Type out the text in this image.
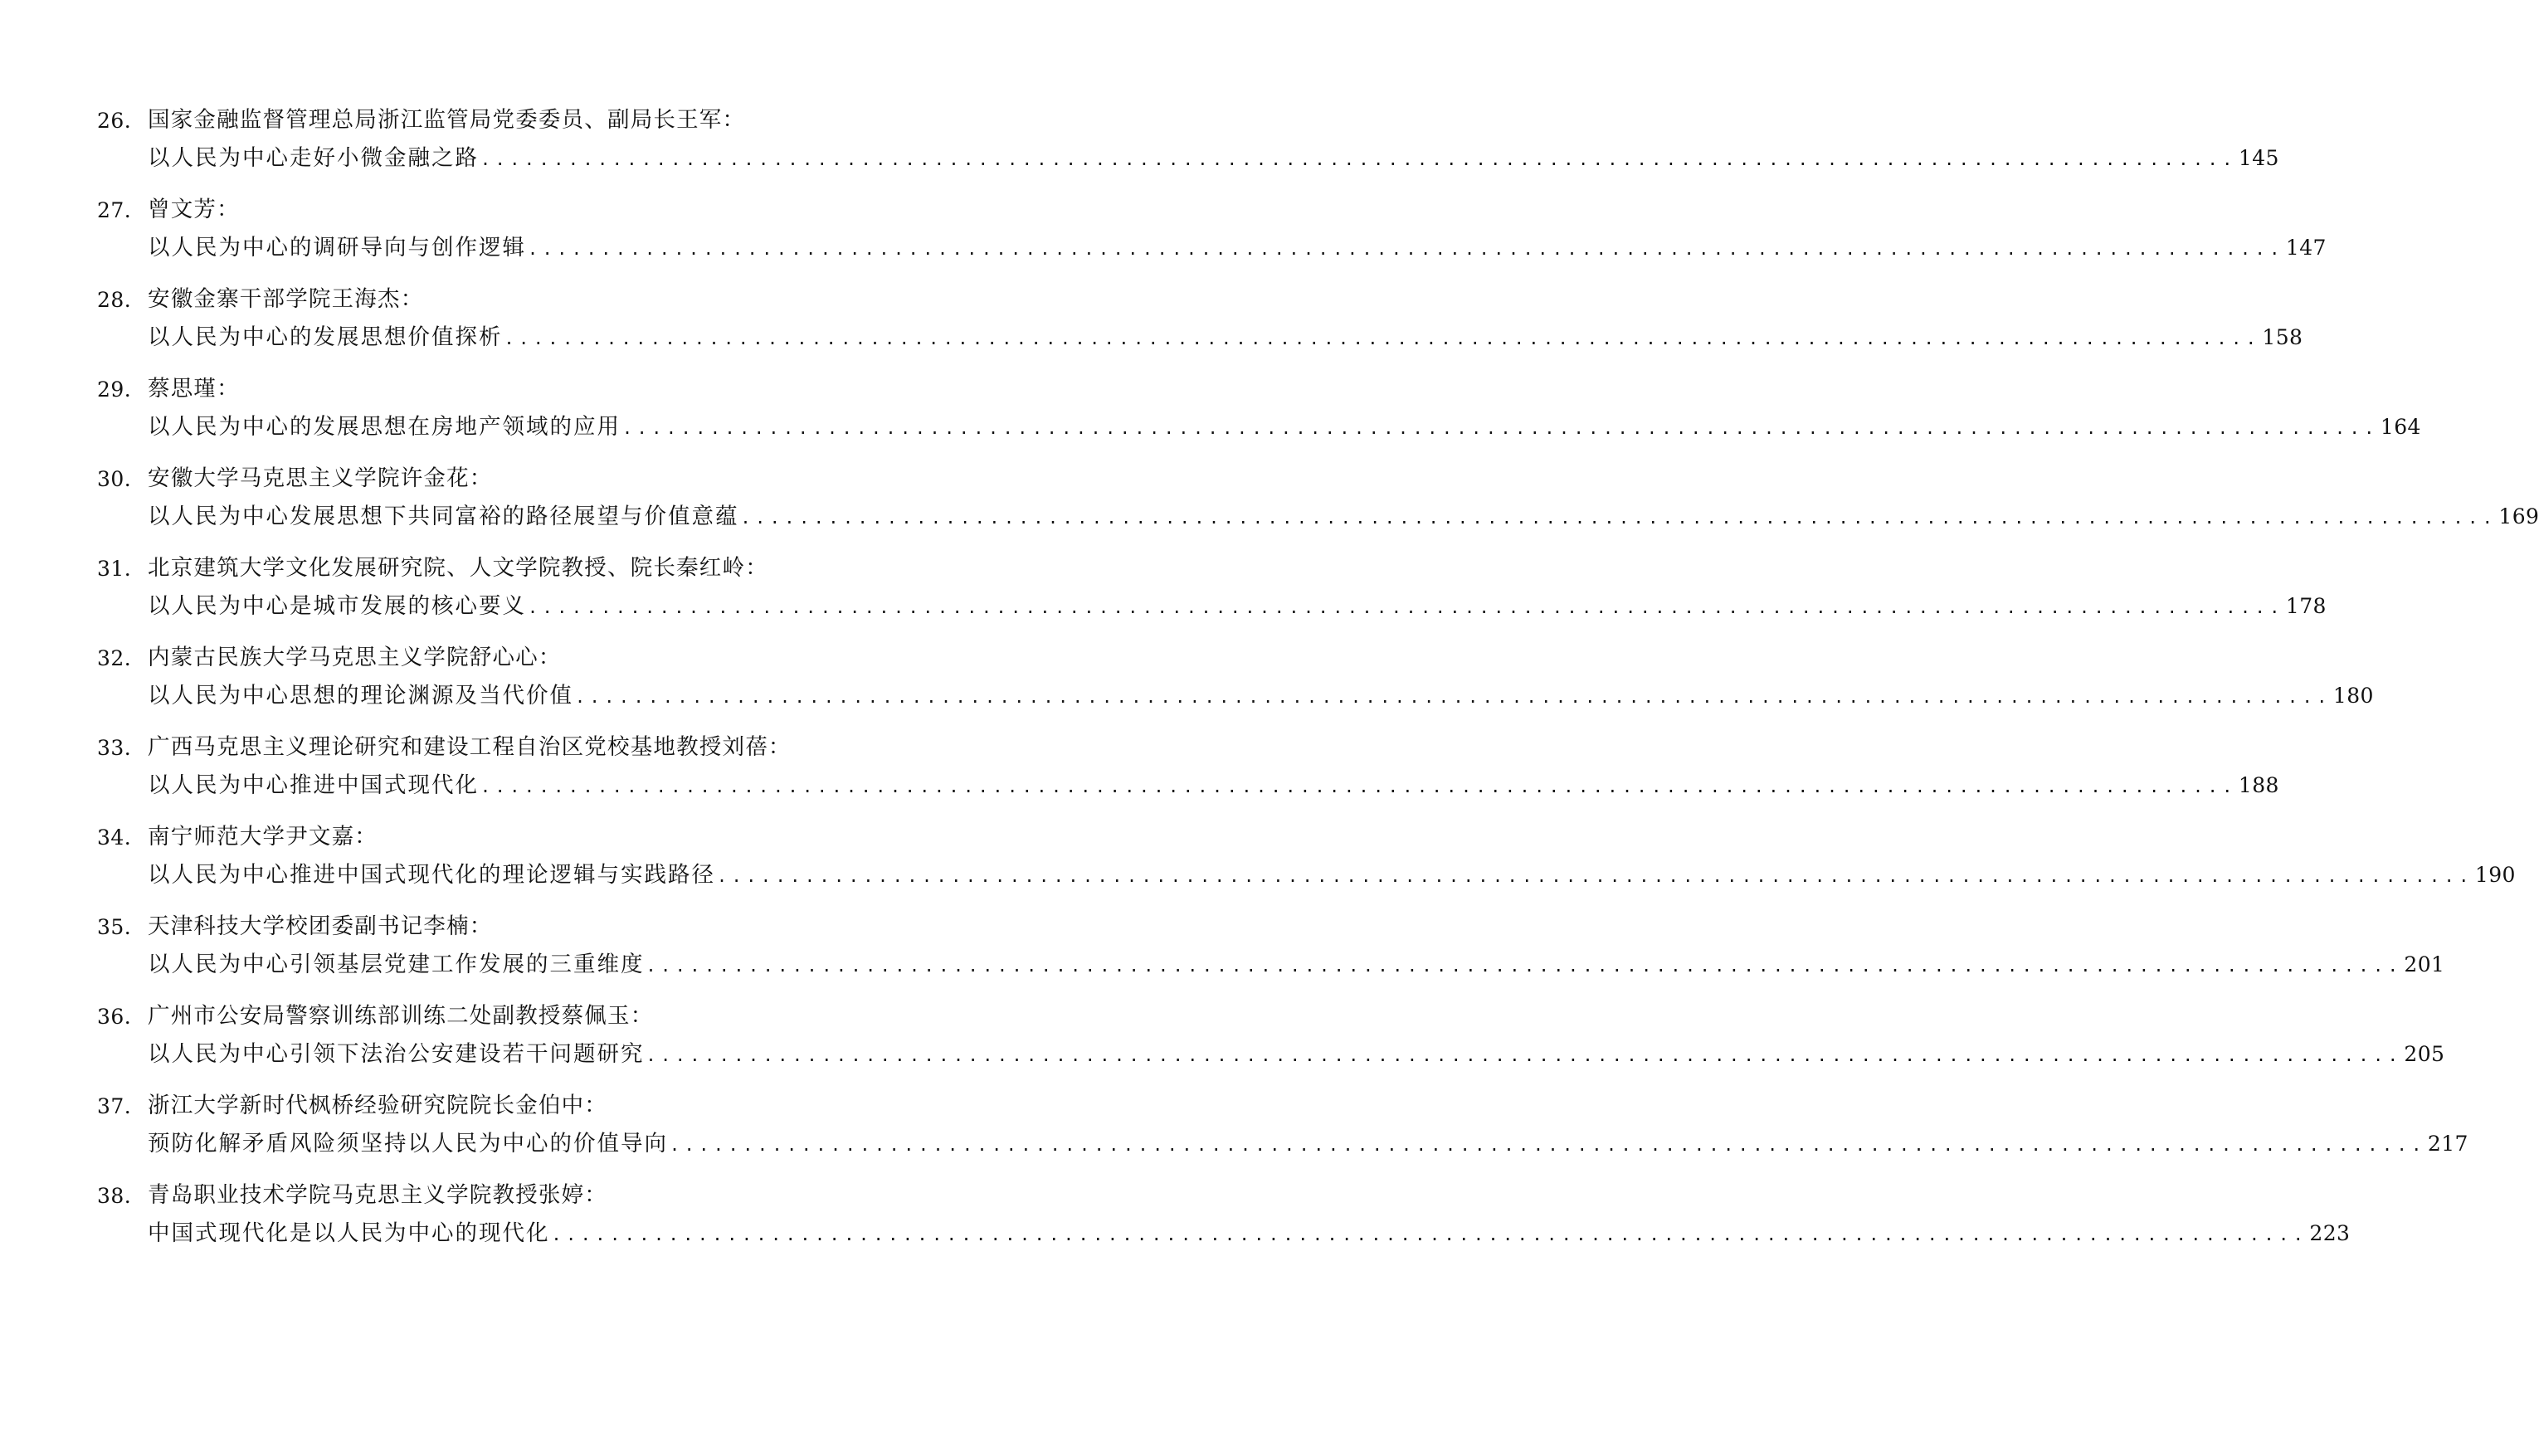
26. 国家金融监督管理总局浙江监管局党委委员、副局长王军：
以人民为中心走好小微金融之路 ........................................................................................................................ 145
27. 曾文芳：
以人民为中心的调研导向与创作逻辑 ........................................................................................................................ 147
28. 安徽金寨干部学院王海杰：
以人民为中心的发展思想价值探析 ........................................................................................................................ 158
29. 蔡思瑾：
以人民为中心的发展思想在房地产领域的应用 ........................................................................................................................ 164
30. 安徽大学马克思主义学院许金花：
以人民为中心发展思想下共同富裕的路径展望与价值意蕴 ........................................................................................................................ 169
31. 北京建筑大学文化发展研究院、人文学院教授、院长秦红岭：
以人民为中心是城市发展的核心要义 ........................................................................................................................ 178
32. 内蒙古民族大学马克思主义学院舒心心：
以人民为中心思想的理论渊源及当代价值 ........................................................................................................................ 180
33. 广西马克思主义理论研究和建设工程自治区党校基地教授刘蓓：
以人民为中心推进中国式现代化 ........................................................................................................................ 188
34. 南宁师范大学尹文嘉：
以人民为中心推进中国式现代化的理论逻辑与实践路径 ........................................................................................................................ 190
35. 天津科技大学校团委副书记李楠：
以人民为中心引领基层党建工作发展的三重维度 ........................................................................................................................ 201
36. 广州市公安局警察训练部训练二处副教授蔡佩玉：
以人民为中心引领下法治公安建设若干问题研究 ........................................................................................................................ 205
37. 浙江大学新时代枫桥经验研究院院长金伯中：
预防化解矛盾风险须坚持以人民为中心的价值导向 ........................................................................................................................ 217
38. 青岛职业技术学院马克思主义学院教授张婷：
中国式现代化是以人民为中心的现代化 ........................................................................................................................ 223
